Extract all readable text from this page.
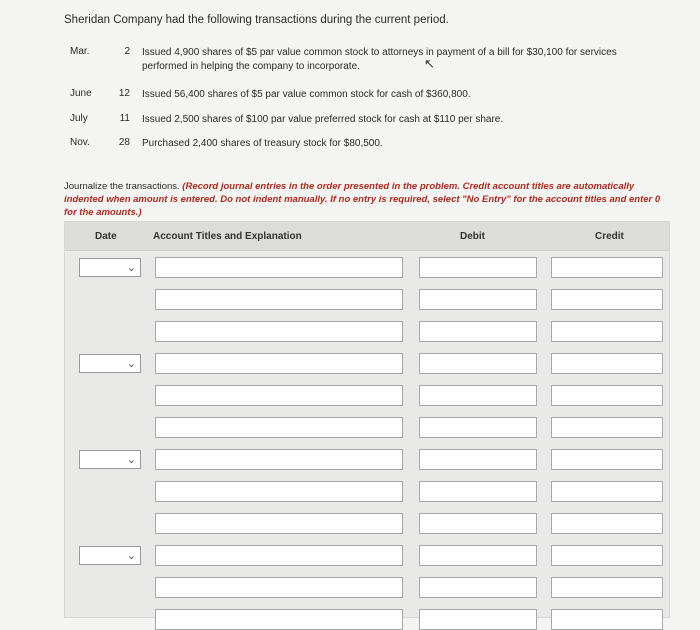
Sheridan Company had the following transactions during the current period.
Mar.	2 Issued 4,900 shares of $5 par value common stock to attorneys in payment of a bill for $30,100 for services performed in helping the company to incorporate.
June	12 Issued 56,400 shares of $5 par value common stock for cash of $360,800.
July	11 Issued 2,500 shares of $100 par value preferred stock for cash at $110 per share.
Nov.	28 Purchased 2,400 shares of treasury stock for $80,500.
↖
Journalize the transactions. (Record journal entries in the order presented in the problem. Credit account titles are automatically indented when amount is entered. Do not indent manually. If no entry is required, select "No Entry" for the account titles and enter 0 for the amounts.)
Date	Account Titles and Explanation	Debit	Credit
⌄
⌄
⌄
⌄
